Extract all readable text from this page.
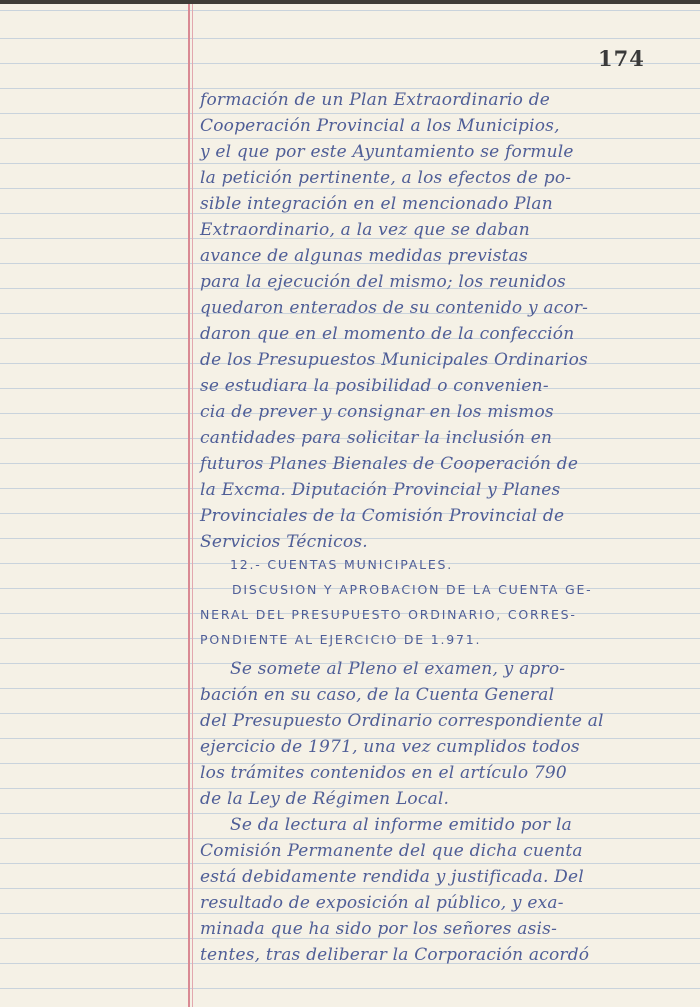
174
formación de un Plan Extraordinario de
Cooperación Provincial a los Municipios,
y el que por este Ayuntamiento se formule
la petición pertinente, a los efectos de po-
sible integración en el mencionado Plan
Extraordinario, a la vez que se daban
avance de algunas medidas previstas
para la ejecución del mismo; los reunidos
quedaron enterados de su contenido y acor-
daron que en el momento de la confección
de los Presupuestos Municipales Ordinarios
se estudiara la posibilidad o convenien-
cia de prever y consignar en los mismos
cantidades para solicitar la inclusión en
futuros Planes Bienales de Cooperación de
la Excma. Diputación Provincial y Planes
Provinciales de la Comisión Provincial de
Servicios Técnicos.
12.- CUENTAS MUNICIPALES.
DISCUSION Y APROBACION DE LA CUENTA GE-
NERAL DEL PRESUPUESTO ORDINARIO, CORRES-
PONDIENTE AL EJERCICIO DE 1.971.
Se somete al Pleno el examen, y apro-
bación en su caso, de la Cuenta General
del Presupuesto Ordinario correspondiente al
ejercicio de 1971, una vez cumplidos todos
los trámites contenidos en el artículo 790
de la Ley de Régimen Local.
Se da lectura al informe emitido por la
Comisión Permanente del que dicha cuenta
está debidamente rendida y justificada. Del
resultado de exposición al público, y exa-
minada que ha sido por los señores asis-
tentes, tras deliberar la Corporación acordó
